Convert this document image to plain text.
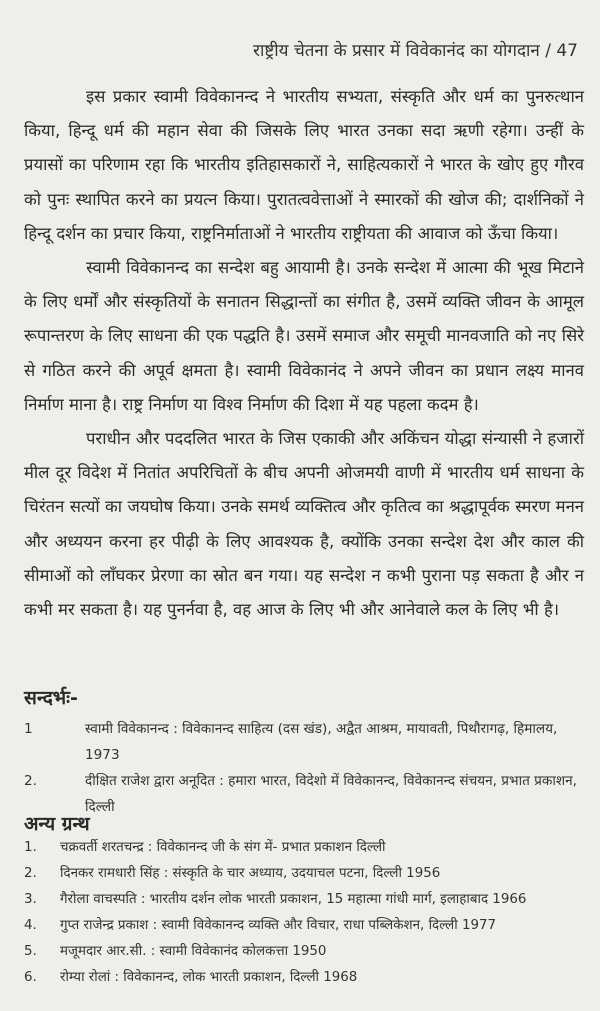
राष्ट्रीय चेतना के प्रसार में विवेकानंद का योगदान / 47

इस प्रकार स्वामी विवेकानन्द ने भारतीय सभ्यता, संस्कृति और धर्म का पुनरुत्थान किया, हिन्दू धर्म की महान सेवा की जिसके लिए भारत उनका सदा ऋणी रहेगा। उन्हीं के प्रयासों का परिणाम रहा कि भारतीय इतिहासकारों ने, साहित्यकारों ने भारत के खोए हुए गौरव को पुनः स्थापित करने का प्रयत्न किया। पुरातत्ववेत्ताओं ने स्मारकों की खोज की; दार्शनिकों ने हिन्दू दर्शन का प्रचार किया, राष्ट्रनिर्माताओं ने भारतीय राष्ट्रीयता की आवाज को ऊँचा किया।

स्वामी विवेकानन्द का सन्देश बहु आयामी है। उनके सन्देश में आत्मा की भूख मिटाने के लिए धर्मों और संस्कृतियों के सनातन सिद्धान्तों का संगीत है, उसमें व्यक्ति जीवन के आमूल रूपान्तरण के लिए साधना की एक पद्धति है। उसमें समाज और समूची मानवजाति को नए सिरे से गठित करने की अपूर्व क्षमता है। स्वामी विवेकानंद ने अपने जीवन का प्रधान लक्ष्य मानव निर्माण माना है। राष्ट्र निर्माण या विश्व निर्माण की दिशा में यह पहला कदम है।

पराधीन और पददलित भारत के जिस एकाकी और अकिंचन योद्धा संन्यासी ने हजारों मील दूर विदेश में नितांत अपरिचितों के बीच अपनी ओजमयी वाणी में भारतीय धर्म साधना के चिरंतन सत्यों का जयघोष किया। उनके समर्थ व्यक्तित्व और कृतित्व का श्रद्धापूर्वक स्मरण मनन और अध्ययन करना हर पीढ़ी के लिए आवश्यक है, क्योंकि उनका सन्देश देश और काल की सीमाओं को लाँघकर प्रेरणा का स्रोत बन गया। यह सन्देश न कभी पुराना पड़ सकता है और न कभी मर सकता है। यह पुनर्नवा है, वह आज के लिए भी और आनेवाले कल के लिए भी है।

सन्दर्भः-
1	स्वामी विवेकानन्द : विवेकानन्द साहित्य (दस खंड), अद्वैत आश्रम, मायावती, पिथौरागढ़, हिमालय, 1973
2.	दीक्षित राजेश द्वारा अनूदित : हमारा भारत, विदेशो में विवेकानन्द, विवेकानन्द संचयन, प्रभात प्रकाशन, दिल्ली
अन्य ग्रन्थ
1.	चक्रवर्ती शरतचन्द्र : विवेकानन्द जी के संग में- प्रभात प्रकाशन दिल्ली
2.	दिनकर रामधारी सिंह : संस्कृति के चार अध्याय, उदयाचल पटना, दिल्ली 1956
3.	गैरोला वाचस्पति : भारतीय दर्शन लोक भारती प्रकाशन, 15 महात्मा गांधी मार्ग, इलाहाबाद 1966
4.	गुप्त राजेन्द्र प्रकाश : स्वामी विवेकानन्द व्यक्ति और विचार, राधा पब्लिकेशन, दिल्ली 1977
5.	मजूमदार आर.सी. : स्वामी विवेकानंद कोलकत्ता 1950
6.	रोम्या रोलां : विवेकानन्द, लोक भारती प्रकाशन, दिल्ली 1968
